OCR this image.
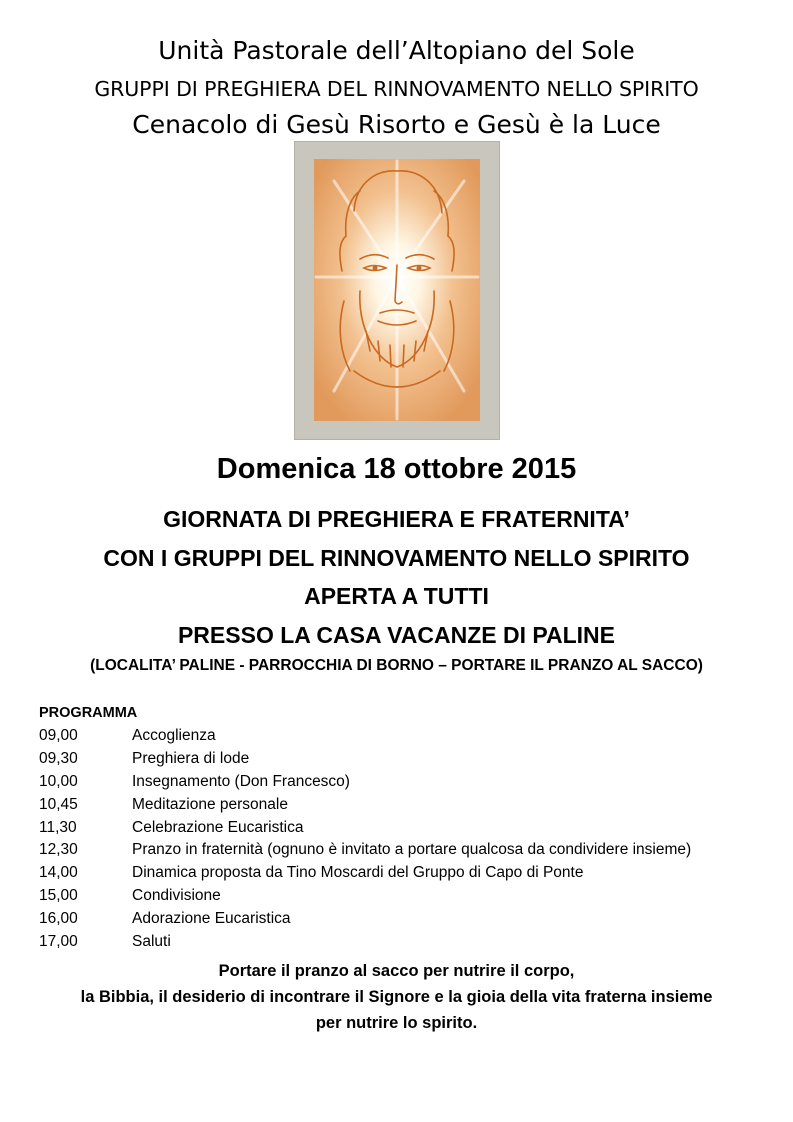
Unità Pastorale dell’Altopiano del Sole
GRUPPI DI PREGHIERA DEL RINNOVAMENTO NELLO SPIRITO
Cenacolo di Gesù Risorto e Gesù è la Luce
Domenica 18 ottobre 2015
GIORNATA DI PREGHIERA E FRATERNITA’
CON I GRUPPI DEL RINNOVAMENTO NELLO SPIRITO
APERTA A TUTTI
PRESSO LA CASA VACANZE DI PALINE
(LOCALITA’ PALINE - PARROCCHIA DI BORNO – PORTARE IL PRANZO AL SACCO)
PROGRAMMA
09,00	Accoglienza
09,30	Preghiera di lode
10,00	Insegnamento (Don Francesco)
10,45	Meditazione personale
11,30	Celebrazione Eucaristica
12,30	Pranzo in fraternità (ognuno è invitato a portare qualcosa da condividere insieme)
14,00	Dinamica proposta da Tino Moscardi del Gruppo di Capo di Ponte
15,00	Condivisione
16,00	Adorazione Eucaristica
17,00	Saluti
Portare il pranzo al sacco per nutrire il corpo,
la Bibbia, il desiderio di incontrare il Signore e la gioia della vita fraterna insieme
per nutrire lo spirito.
